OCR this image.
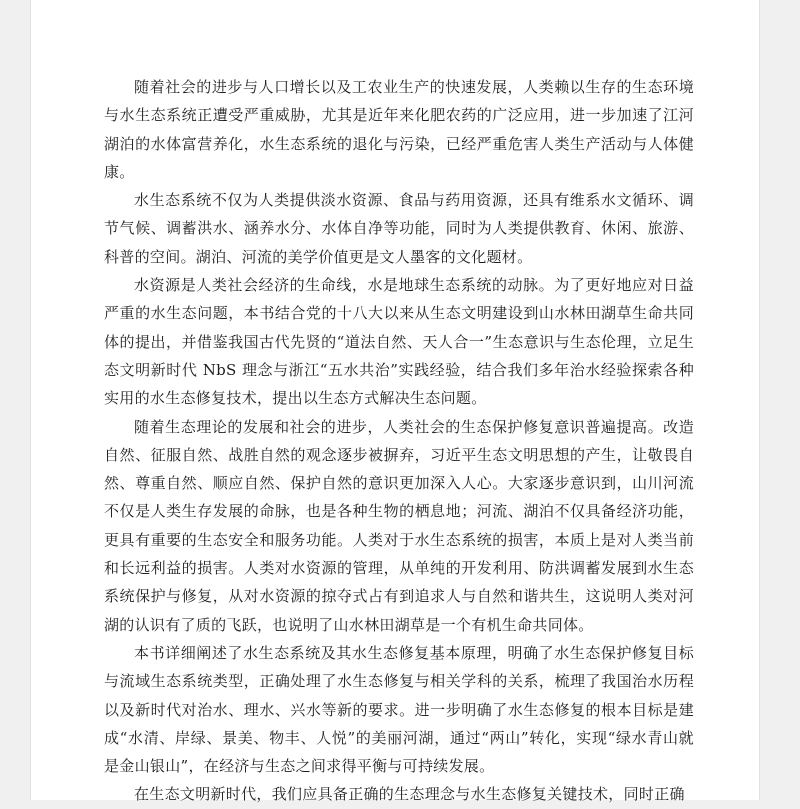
随着社会的进步与人口增长以及工农业生产的快速发展，人类赖以生存的生态环境与水生态系统正遭受严重威胁，尤其是近年来化肥农药的广泛应用，进一步加速了江河湖泊的水体富营养化，水生态系统的退化与污染，已经严重危害人类生产活动与人体健康。

水生态系统不仅为人类提供淡水资源、食品与药用资源，还具有维系水文循环、调节气候、调蓄洪水、涵养水分、水体自净等功能，同时为人类提供教育、休闲、旅游、科普的空间。湖泊、河流的美学价值更是文人墨客的文化题材。

水资源是人类社会经济的生命线，水是地球生态系统的动脉。为了更好地应对日益严重的水生态问题，本书结合党的十八大以来从生态文明建设到山水林田湖草生命共同体的提出，并借鉴我国古代先贤的“道法自然、天人合一”生态意识与生态伦理，立足生态文明新时代 NbS 理念与浙江“五水共治”实践经验，结合我们多年治水经验探索各种实用的水生态修复技术，提出以生态方式解决生态问题。

随着生态理论的发展和社会的进步，人类社会的生态保护修复意识普遍提高。改造自然、征服自然、战胜自然的观念逐步被摒弃，习近平生态文明思想的产生，让敬畏自然、尊重自然、顺应自然、保护自然的意识更加深入人心。大家逐步意识到，山川河流不仅是人类生存发展的命脉，也是各种生物的栖息地；河流、湖泊不仅具备经济功能，更具有重要的生态安全和服务功能。人类对于水生态系统的损害，本质上是对人类当前和长远利益的损害。人类对水资源的管理，从单纯的开发利用、防洪调蓄发展到水生态系统保护与修复，从对水资源的掠夺式占有到追求人与自然和谐共生，这说明人类对河湖的认识有了质的飞跃，也说明了山水林田湖草是一个有机生命共同体。

本书详细阐述了水生态系统及其水生态修复基本原理，明确了水生态保护修复目标与流域生态系统类型，正确处理了水生态修复与相关学科的关系，梳理了我国治水历程以及新时代对治水、理水、兴水等新的要求。进一步明确了水生态修复的根本目标是建成“水清、岸绿、景美、物丰、人悦”的美丽河湖，通过“两山”转化，实现“绿水青山就是金山银山”，在经济与生态之间求得平衡与可持续发展。

在生态文明新时代，我们应具备正确的生态理念与水生态修复关键技术，同时正确
